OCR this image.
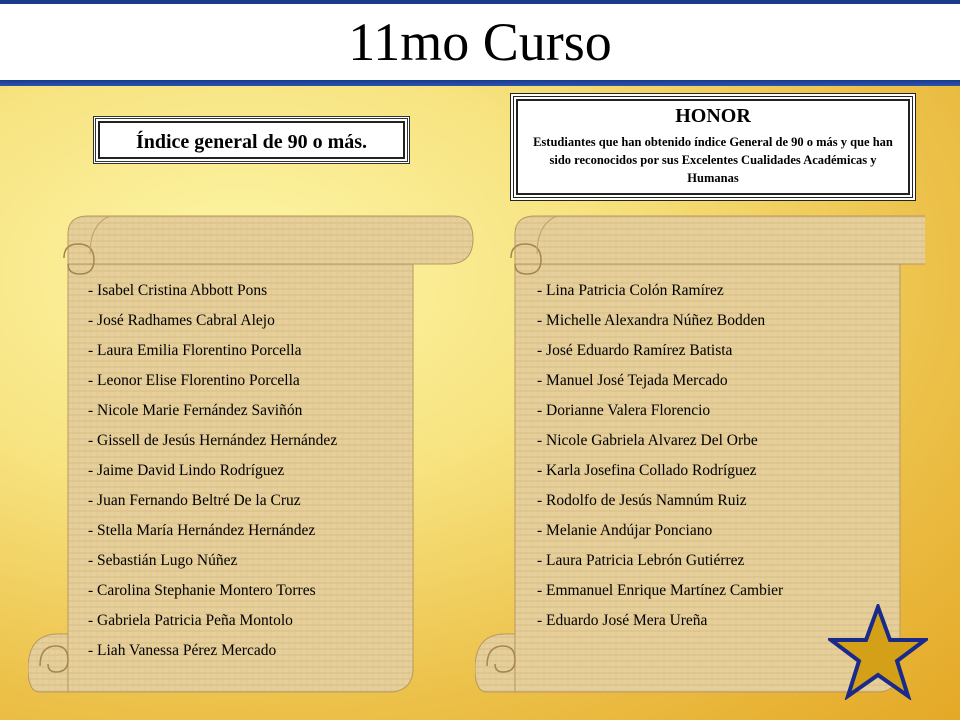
11mo Curso
Índice general de 90 o más.
HONOR
Estudiantes que han obtenido índice General de 90 o más y que han sido reconocidos por sus Excelentes Cualidades Académicas y Humanas
- Isabel Cristina Abbott Pons
- José Radhames Cabral Alejo
- Laura Emilia Florentino Porcella
- Leonor Elise Florentino Porcella
- Nicole Marie Fernández Saviñón
- Gissell de Jesús Hernández Hernández
- Jaime David Lindo Rodríguez
- Juan Fernando Beltré De la Cruz
- Stella María Hernández Hernández
- Sebastián Lugo Núñez
- Carolina Stephanie Montero Torres
- Gabriela Patricia Peña Montolo
- Liah Vanessa Pérez Mercado
- Lina Patricia Colón Ramírez
- Michelle Alexandra Núñez Bodden
- José Eduardo Ramírez Batista
- Manuel José Tejada Mercado
- Dorianne Valera Florencio
- Nicole Gabriela Alvarez Del Orbe
- Karla Josefina Collado Rodríguez
- Rodolfo de Jesús Namnúm Ruiz
- Melanie Andújar Ponciano
- Laura Patricia Lebrón Gutiérrez
- Emmanuel Enrique Martínez Cambier
- Eduardo José Mera Ureña
